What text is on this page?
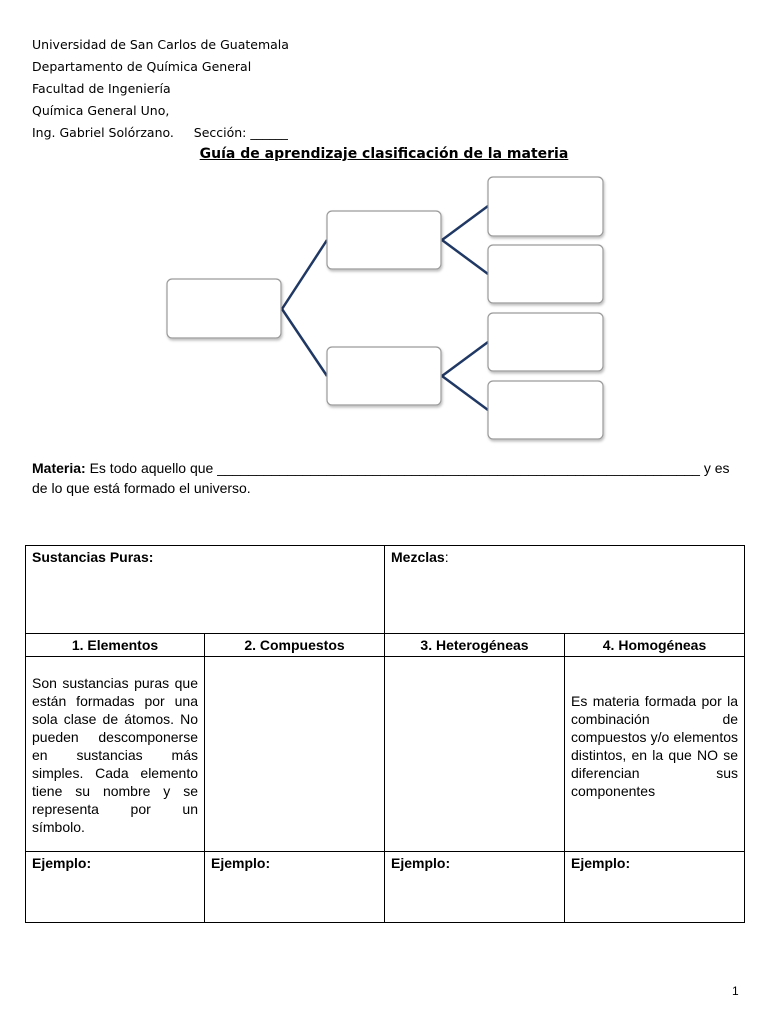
Universidad de San Carlos de Guatemala
Departamento de Química General
Facultad de Ingeniería
Química General Uno,
Ing. Gabriel Solórzano.     Sección: ______
Guía de aprendizaje clasificación de la materia
Materia: Es todo aquello que ______________________________________________________________ y es de lo que está formado el universo.
Sustancias Puras:		Mezclas:	
1. Elementos	2. Compuestos	3. Heterogéneas	4. Homogéneas

Son sustancias puras que están formadas por una sola clase de átomos. No pueden descomponerse en sustancias más simples. Cada elemento tiene su nombre y se representa por un símbolo.			Es materia formada por la combinación de compuestos y/o elementos distintos, en la que NO se diferencian sus componentes

Ejemplo:	Ejemplo:	Ejemplo:	Ejemplo:
1
